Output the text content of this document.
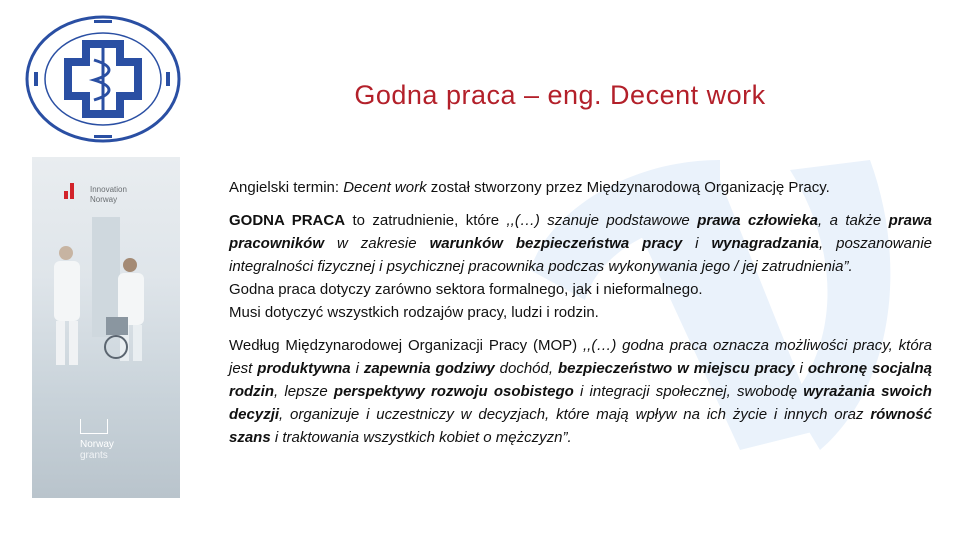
Godna praca – eng. Decent work
Innovation
Norway
Norway
grants

Angielski termin: Decent work został stworzony przez Międzynarodową Organizację Pracy.

GODNA PRACA to zatrudnienie, które ,,(…) szanuje podstawowe prawa człowieka, a także prawa pracowników w zakresie warunków bezpieczeństwa pracy i wynagradzania, poszanowanie integralności fizycznej i psychicznej pracownika podczas wykonywania jego / jej zatrudnienia”.

Godna praca dotyczy zarówno sektora formalnego, jak i nieformalnego.

Musi dotyczyć wszystkich rodzajów pracy, ludzi i rodzin.

Według Międzynarodowej Organizacji Pracy (MOP) ,,(…) godna praca oznacza możliwości pracy, która jest produktywna i zapewnia godziwy dochód, bezpieczeństwo w miejscu pracy i ochronę socjalną rodzin, lepsze perspektywy rozwoju osobistego i integracji społecznej, swobodę wyrażania swoich decyzji, organizuje i uczestniczy w decyzjach, które mają wpływ na ich życie i innych oraz równość szans i traktowania wszystkich kobiet o mężczyzn”.
